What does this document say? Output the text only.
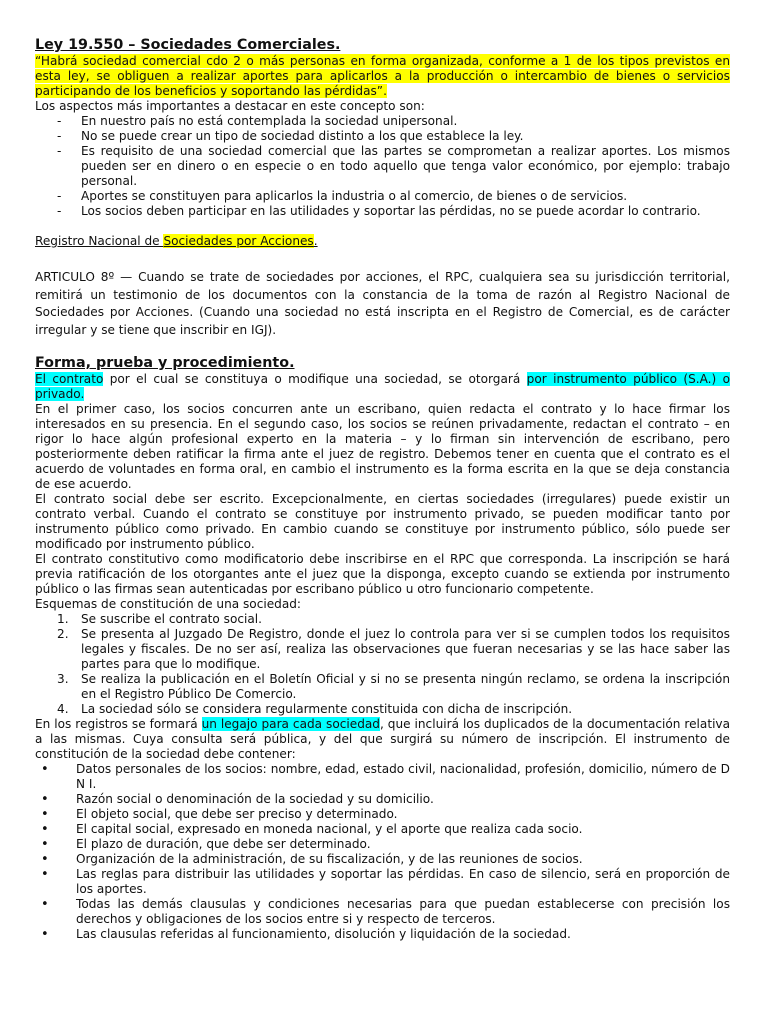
Ley 19.550 – Sociedades Comerciales.

“Habrá sociedad comercial cdo 2 o más personas en forma organizada, conforme a 1 de los tipos previstos en esta ley, se obliguen a realizar aportes para aplicarlos a la producción o intercambio de bienes o servicios participando de los beneficios y soportando las pérdidas”.

Los aspectos más importantes a destacar en este concepto son:

- En nuestro país no está contemplada la sociedad unipersonal.
- No se puede crear un tipo de sociedad distinto a los que establece la ley.
- Es requisito de una sociedad comercial que las partes se comprometan a realizar aportes. Los mismos pueden ser en dinero o en especie o en todo aquello que tenga valor económico, por ejemplo: trabajo personal.
- Aportes se constituyen para aplicarlos la industria o al comercio, de bienes o de servicios.
- Los socios deben participar en las utilidades y soportar las pérdidas, no se puede acordar lo contrario.

Registro Nacional de Sociedades por Acciones.

ARTICULO 8º — Cuando se trate de sociedades por acciones, el RPC, cualquiera sea su jurisdicción territorial, remitirá un testimonio de los documentos con la constancia de la toma de razón al Registro Nacional de Sociedades por Acciones. (Cuando una sociedad no está inscripta en el Registro de Comercial, es de carácter irregular y se tiene que inscribir en IGJ).

Forma, prueba y procedimiento.

El contrato por el cual se constituya o modifique una sociedad, se otorgará por instrumento público (S.A.) o privado.

En el primer caso, los socios concurren ante un escribano, quien redacta el contrato y lo hace firmar los interesados en su presencia. En el segundo caso, los socios se reúnen privadamente, redactan el contrato – en rigor lo hace algún profesional experto en la materia – y lo firman sin intervención de escribano, pero posteriormente deben ratificar la firma ante el juez de registro. Debemos tener en cuenta que el contrato es el acuerdo de voluntades en forma oral, en cambio el instrumento es la forma escrita en la que se deja constancia de ese acuerdo.

El contrato social debe ser escrito. Excepcionalmente, en ciertas sociedades (irregulares) puede existir un contrato verbal. Cuando el contrato se constituye por instrumento privado, se pueden modificar tanto por instrumento público como privado. En cambio cuando se constituye por instrumento público, sólo puede ser modificado por instrumento público.

El contrato constitutivo como modificatorio debe inscribirse en el RPC que corresponda. La inscripción se hará previa ratificación de los otorgantes ante el juez que la disponga, excepto cuando se extienda por instrumento público o las firmas sean autenticadas por escribano público u otro funcionario competente.

Esquemas de constitución de una sociedad:

1. Se suscribe el contrato social.
2. Se presenta al Juzgado De Registro, donde el juez lo controla para ver si se cumplen todos los requisitos legales y fiscales. De no ser así, realiza las observaciones que fueran necesarias y se las hace saber las partes para que lo modifique.
3. Se realiza la publicación en el Boletín Oficial y si no se presenta ningún reclamo, se ordena la inscripción en el Registro Público De Comercio.
4. La sociedad sólo se considera regularmente constituida con dicha de inscripción.

En los registros se formará un legajo para cada sociedad, que incluirá los duplicados de la documentación relativa a las mismas. Cuya consulta será pública, y del que surgirá su número de inscripción. El instrumento de constitución de la sociedad debe contener:

• Datos personales de los socios: nombre, edad, estado civil, nacionalidad, profesión, domicilio, número de D N I.
• Razón social o denominación de la sociedad y su domicilio.
• El objeto social, que debe ser preciso y determinado.
• El capital social, expresado en moneda nacional, y el aporte que realiza cada socio.
• El plazo de duración, que debe ser determinado.
• Organización de la administración, de su fiscalización, y de las reuniones de socios.
• Las reglas para distribuir las utilidades y soportar las pérdidas. En caso de silencio, será en proporción de los aportes.
• Todas las demás clausulas y condiciones necesarias para que puedan establecerse con precisión los derechos y obligaciones de los socios entre si y respecto de terceros.
• Las clausulas referidas al funcionamiento, disolución y liquidación de la sociedad.
